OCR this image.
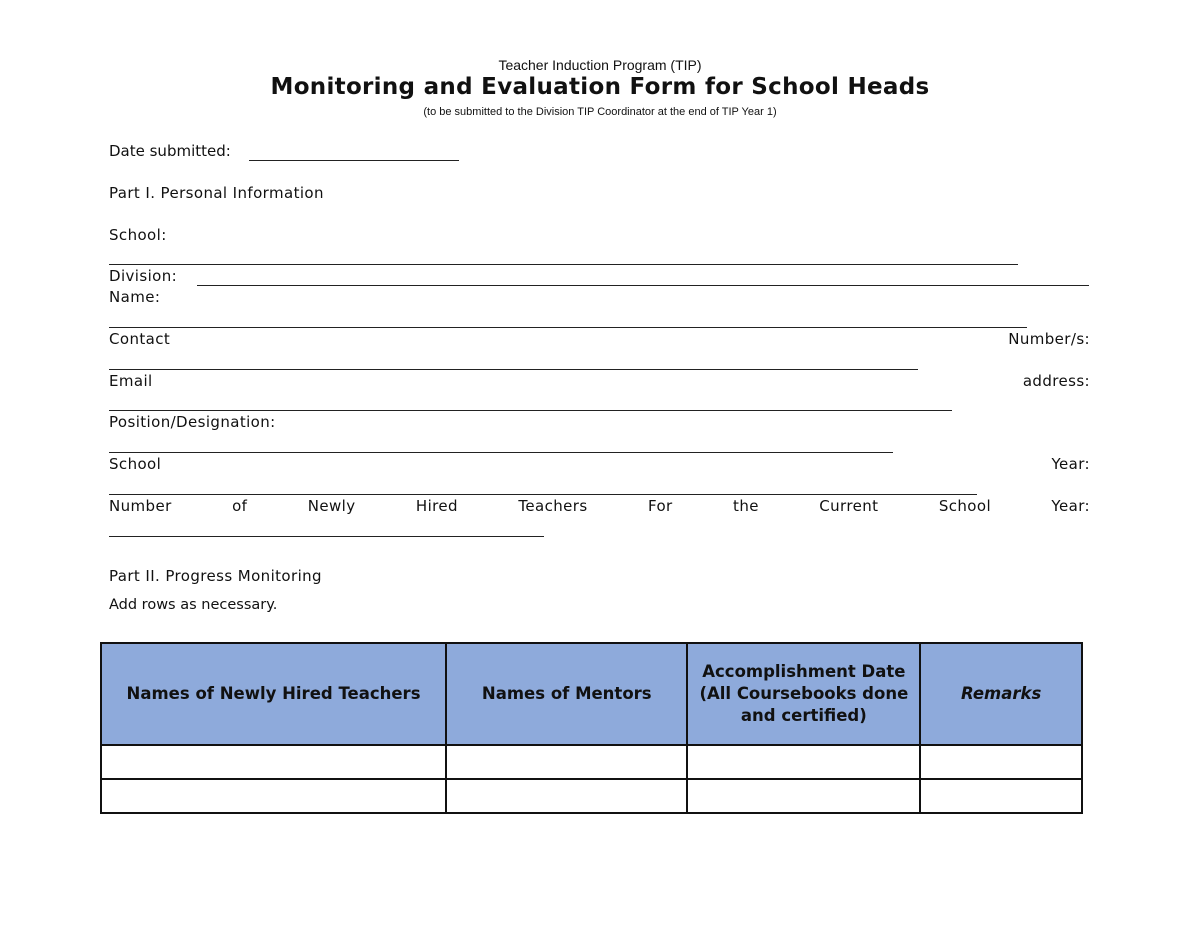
Teacher Induction Program (TIP)
Monitoring and Evaluation Form for School Heads
(to be submitted to the Division TIP Coordinator at the end of TIP Year 1)
Date submitted:
Part I. Personal Information
School:
Division:
Name:
Contact	Number/s:
Email	address:
Position/Designation:
School	Year:
Number	of	Newly	Hired	Teachers	For	the	Current	School	Year:
Part II. Progress Monitoring
Add rows as necessary.
Names of Newly Hired Teachers	Names of Mentors	Accomplishment Date (All Coursebooks done and certified)	Remarks
